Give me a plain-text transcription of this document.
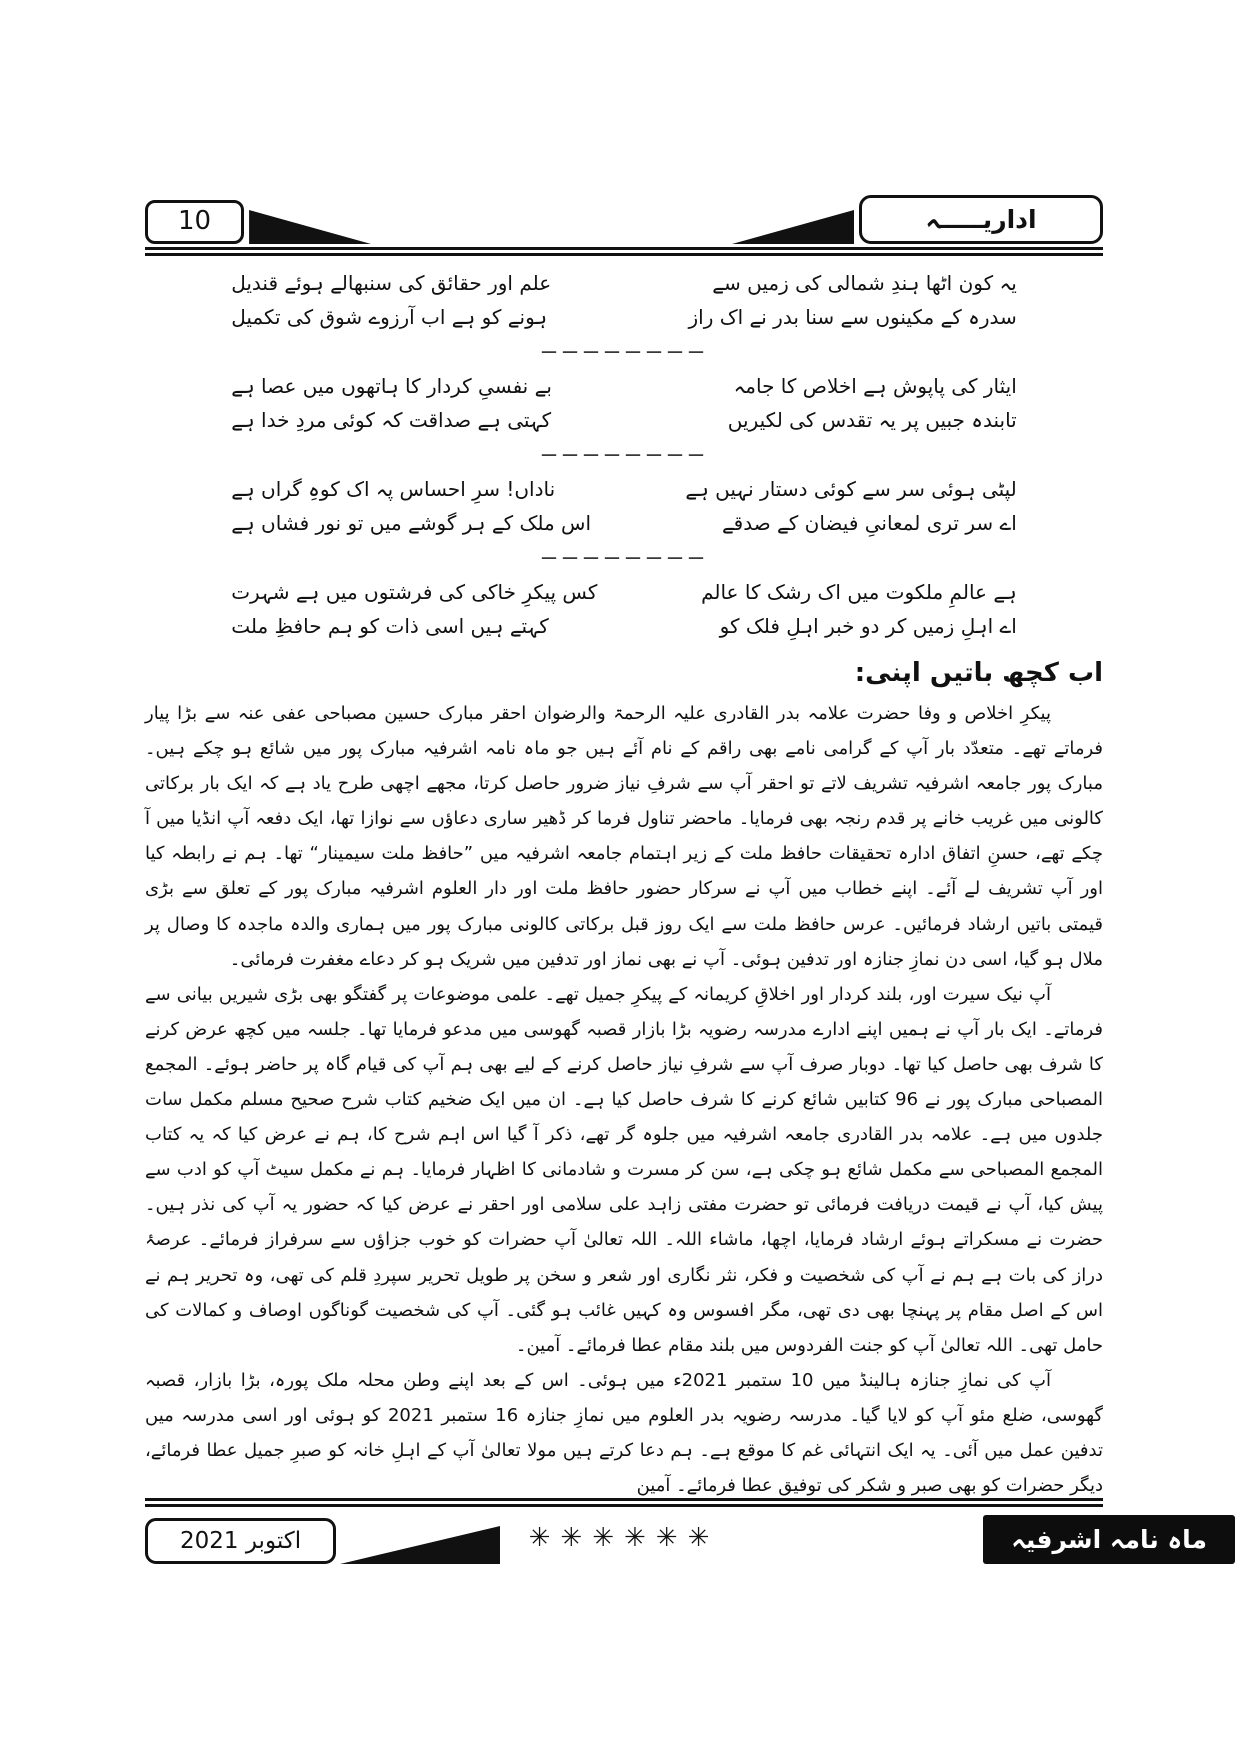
10	اداریـــــہ
یہ کون اٹھا ہندِ شمالی کی زمیں سے
علم اور حقائق کی سنبھالے ہوئے قندیل
سدرہ کے مکینوں سے سنا بدر نے اک راز
ہونے کو ہے اب آرزوے شوق کی تکمیل
－－－－－－－－
ایثار کی پاپوش ہے اخلاص کا جامہ
بے نفسیِ کردار کا ہاتھوں میں عصا ہے
تابندہ جبیں پر یہ تقدس کی لکیریں
کہتی ہے صداقت کہ کوئی مردِ خدا ہے
－－－－－－－－
لپٹی ہوئی سر سے کوئی دستار نہیں ہے
ناداں! سرِ احساس پہ اک کوہِ گراں ہے
اے سر تری لمعانیِ فیضان کے صدقے
اس ملک کے ہر گوشے میں تو نور فشاں ہے
－－－－－－－－
ہے عالمِ ملکوت میں اک رشک کا عالم
کس پیکرِ خاکی کی فرشتوں میں ہے شہرت
اے اہلِ زمیں کر دو خبر اہلِ فلک کو
کہتے ہیں اسی ذات کو ہم حافظِ ملت
اب کچھ باتیں اپنی:

پیکرِ اخلاص و وفا حضرت علامہ بدر القادری علیہ الرحمۃ والرضوان احقر مبارک حسین مصباحی عفی عنہ سے بڑا پیار فرماتے تھے۔ متعدّد بار آپ کے گرامی نامے بھی راقم کے نام آئے ہیں جو ماہ نامہ اشرفیہ مبارک پور میں شائع ہو چکے ہیں۔ مبارک پور جامعہ اشرفیہ تشریف لاتے تو احقر آپ سے شرفِ نیاز ضرور حاصل کرتا، مجھے اچھی طرح یاد ہے کہ ایک بار برکاتی کالونی میں غریب خانے پر قدم رنجہ بھی فرمایا۔ ماحضر تناول فرما کر ڈھیر ساری دعاؤں سے نوازا تھا، ایک دفعہ آپ انڈیا میں آ چکے تھے، حسنِ اتفاق ادارہ تحقیقات حافظ ملت کے زیر اہتمام جامعہ اشرفیہ میں ”حافظ ملت سیمینار“ تھا۔ ہم نے رابطہ کیا اور آپ تشریف لے آئے۔ اپنے خطاب میں آپ نے سرکار حضور حافظ ملت اور دار العلوم اشرفیہ مبارک پور کے تعلق سے بڑی قیمتی باتیں ارشاد فرمائیں۔ عرس حافظ ملت سے ایک روز قبل برکاتی کالونی مبارک پور میں ہماری والدہ ماجدہ کا وصال پر ملال ہو گیا، اسی دن نمازِ جنازہ اور تدفین ہوئی۔ آپ نے بھی نماز اور تدفین میں شریک ہو کر دعاے مغفرت فرمائی۔

آپ نیک سیرت اور، بلند کردار اور اخلاقِ کریمانہ کے پیکرِ جمیل تھے۔ علمی موضوعات پر گفتگو بھی بڑی شیریں بیانی سے فرماتے۔ ایک بار آپ نے ہمیں اپنے ادارے مدرسہ رضویہ بڑا بازار قصبہ گھوسی میں مدعو فرمایا تھا۔ جلسہ میں کچھ عرض کرنے کا شرف بھی حاصل کیا تھا۔ دوبار صرف آپ سے شرفِ نیاز حاصل کرنے کے لیے بھی ہم آپ کی قیام گاہ پر حاضر ہوئے۔ المجمع المصباحی مبارک پور نے 96 کتابیں شائع کرنے کا شرف حاصل کیا ہے۔ ان میں ایک ضخیم کتاب شرح صحیح مسلم مکمل سات جلدوں میں ہے۔ علامہ بدر القادری جامعہ اشرفیہ میں جلوہ گر تھے، ذکر آ گیا اس اہم شرح کا، ہم نے عرض کیا کہ یہ کتاب المجمع المصباحی سے مکمل شائع ہو چکی ہے، سن کر مسرت و شادمانی کا اظہار فرمایا۔ ہم نے مکمل سیٹ آپ کو ادب سے پیش کیا، آپ نے قیمت دریافت فرمائی تو حضرت مفتی زاہد علی سلامی اور احقر نے عرض کیا کہ حضور یہ آپ کی نذر ہیں۔ حضرت نے مسکراتے ہوئے ارشاد فرمایا، اچھا، ماشاء اللہ۔ اللہ تعالیٰ آپ حضرات کو خوب جزاؤں سے سرفراز فرمائے۔ عرصۂ دراز کی بات ہے ہم نے آپ کی شخصیت و فکر، نثر نگاری اور شعر و سخن پر طویل تحریر سپردِ قلم کی تھی، وہ تحریر ہم نے اس کے اصل مقام پر پہنچا بھی دی تھی، مگر افسوس وہ کہیں غائب ہو گئی۔ آپ کی شخصیت گوناگوں اوصاف و کمالات کی حامل تھی۔ اللہ تعالیٰ آپ کو جنت الفردوس میں بلند مقام عطا فرمائے۔ آمین۔

آپ کی نمازِ جنازہ ہالینڈ میں 10 ستمبر 2021ء میں ہوئی۔ اس کے بعد اپنے وطن محلہ ملک پورہ، بڑا بازار، قصبہ گھوسی، ضلع مئو آپ کو لایا گیا۔ مدرسہ رضویہ بدر العلوم میں نمازِ جنازہ 16 ستمبر 2021 کو ہوئی اور اسی مدرسہ میں تدفین عمل میں آئی۔ یہ ایک انتہائی غم کا موقع ہے۔ ہم دعا کرتے ہیں مولا تعالیٰ آپ کے اہلِ خانہ کو صبرِ جمیل عطا فرمائے، دیگر حضرات کو بھی صبر و شکر کی توفیق عطا فرمائے۔ آمین

✳✳✳✳✳✳
اکتوبر 2021	ماہ نامہ اشرفیہ
